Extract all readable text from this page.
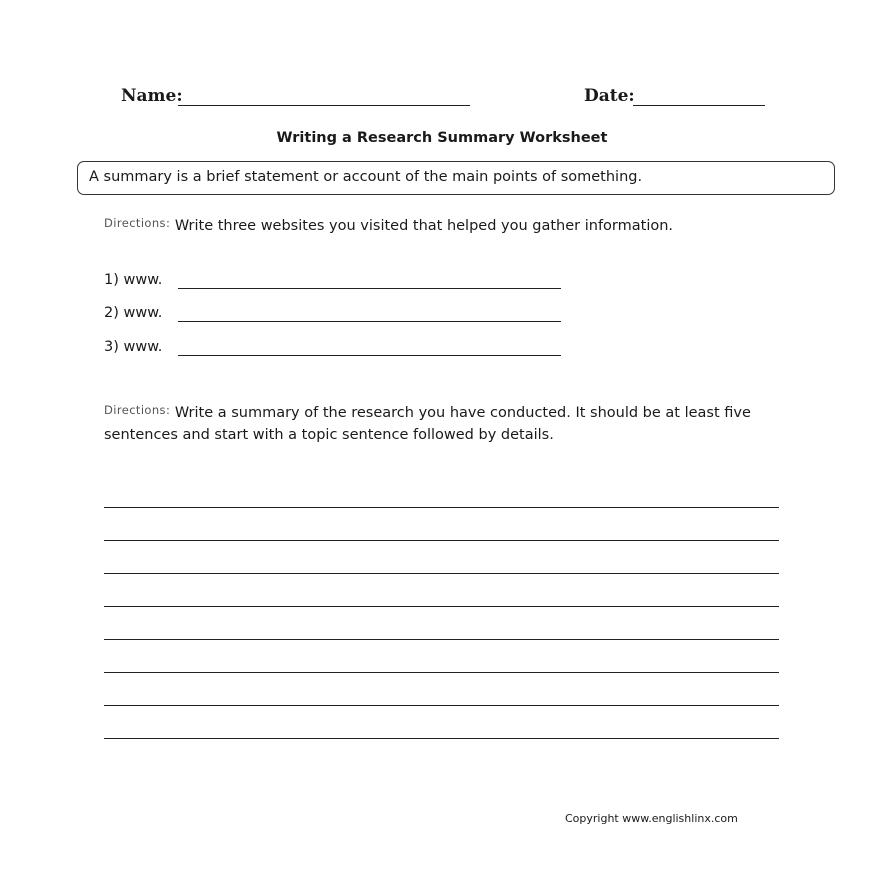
Name:	Date:
Writing a Research Summary Worksheet
A summary is a brief statement or account of the main points of something.
$^{Directions:}$ Write three websites you visited that helped you gather information.
1) www.
2) www.
3) www.
$^{Directions:}$ Write a summary of the research you have conducted. It should be at least five sentences and start with a topic sentence followed by details.
Copyright www.englishlinx.com
